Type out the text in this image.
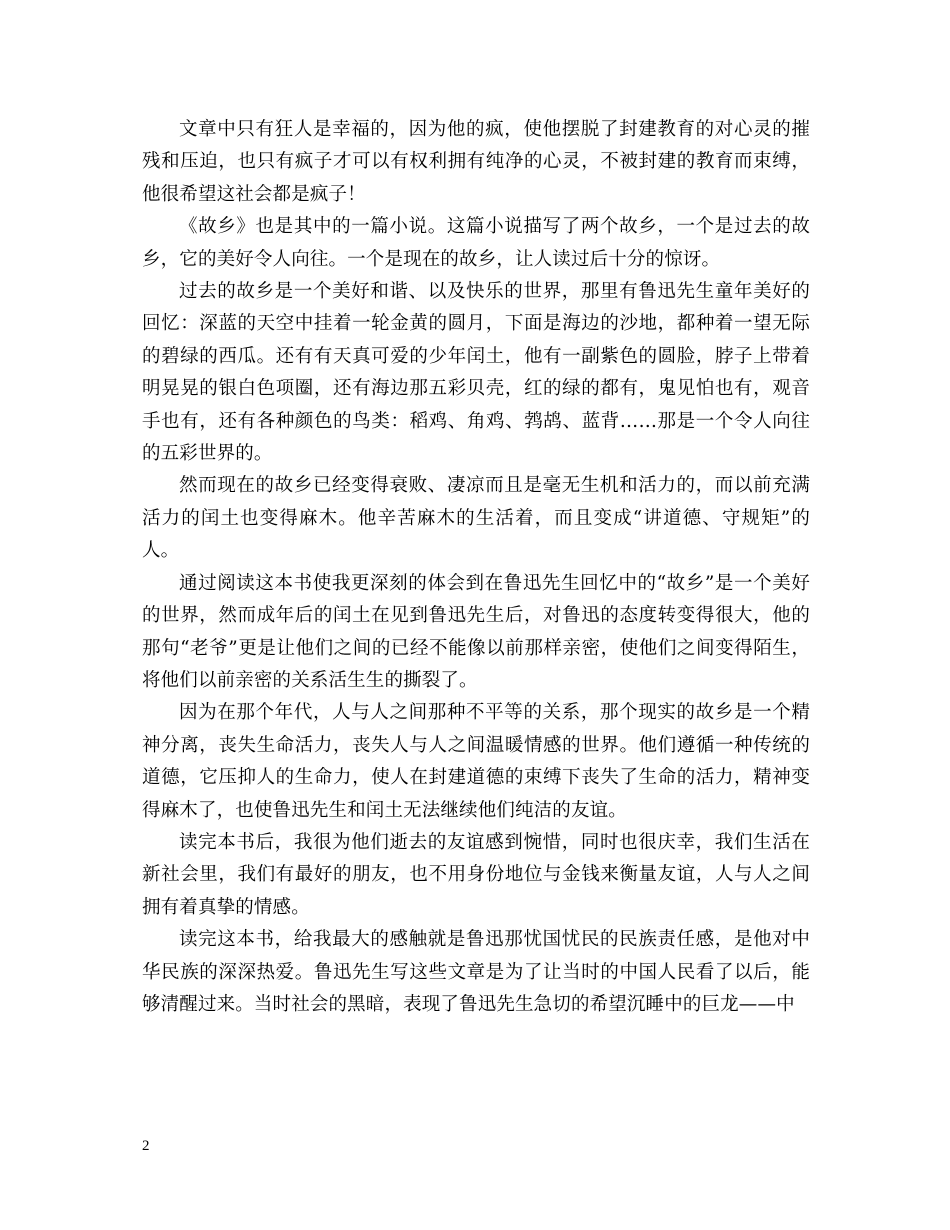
文章中只有狂人是幸福的，因为他的疯，使他摆脱了封建教育的对心灵的摧残和压迫，也只有疯子才可以有权利拥有纯净的心灵，不被封建的教育而束缚，他很希望这社会都是疯子！

《故乡》也是其中的一篇小说。这篇小说描写了两个故乡，一个是过去的故乡，它的美好令人向往。一个是现在的故乡，让人读过后十分的惊讶。

过去的故乡是一个美好和谐、以及快乐的世界，那里有鲁迅先生童年美好的回忆：深蓝的天空中挂着一轮金黄的圆月，下面是海边的沙地，都种着一望无际的碧绿的西瓜。还有有天真可爱的少年闰土，他有一副紫色的圆脸，脖子上带着明晃晃的银白色项圈，还有海边那五彩贝壳，红的绿的都有，鬼见怕也有，观音手也有，还有各种颜色的鸟类：稻鸡、角鸡、鹁鸪、蓝背……那是一个令人向往的五彩世界的。

然而现在的故乡已经变得衰败、凄凉而且是毫无生机和活力的，而以前充满活力的闰土也变得麻木。他辛苦麻木的生活着，而且变成“讲道德、守规矩”的人。

通过阅读这本书使我更深刻的体会到在鲁迅先生回忆中的“故乡”是一个美好的世界，然而成年后的闰土在见到鲁迅先生后，对鲁迅的态度转变得很大，他的那句“老爷”更是让他们之间的已经不能像以前那样亲密，使他们之间变得陌生，将他们以前亲密的关系活生生的撕裂了。

因为在那个年代，人与人之间那种不平等的关系，那个现实的故乡是一个精神分离，丧失生命活力，丧失人与人之间温暖情感的世界。他们遵循一种传统的道德，它压抑人的生命力，使人在封建道德的束缚下丧失了生命的活力，精神变得麻木了，也使鲁迅先生和闰土无法继续他们纯洁的友谊。

读完本书后，我很为他们逝去的友谊感到惋惜，同时也很庆幸，我们生活在新社会里，我们有最好的朋友，也不用身份地位与金钱来衡量友谊，人与人之间拥有着真挚的情感。

读完这本书，给我最大的感触就是鲁迅那忧国忧民的民族责任感，是他对中华民族的深深热爱。鲁迅先生写这些文章是为了让当时的中国人民看了以后，能够清醒过来。当时社会的黑暗，表现了鲁迅先生急切的希望沉睡中的巨龙——中

2
